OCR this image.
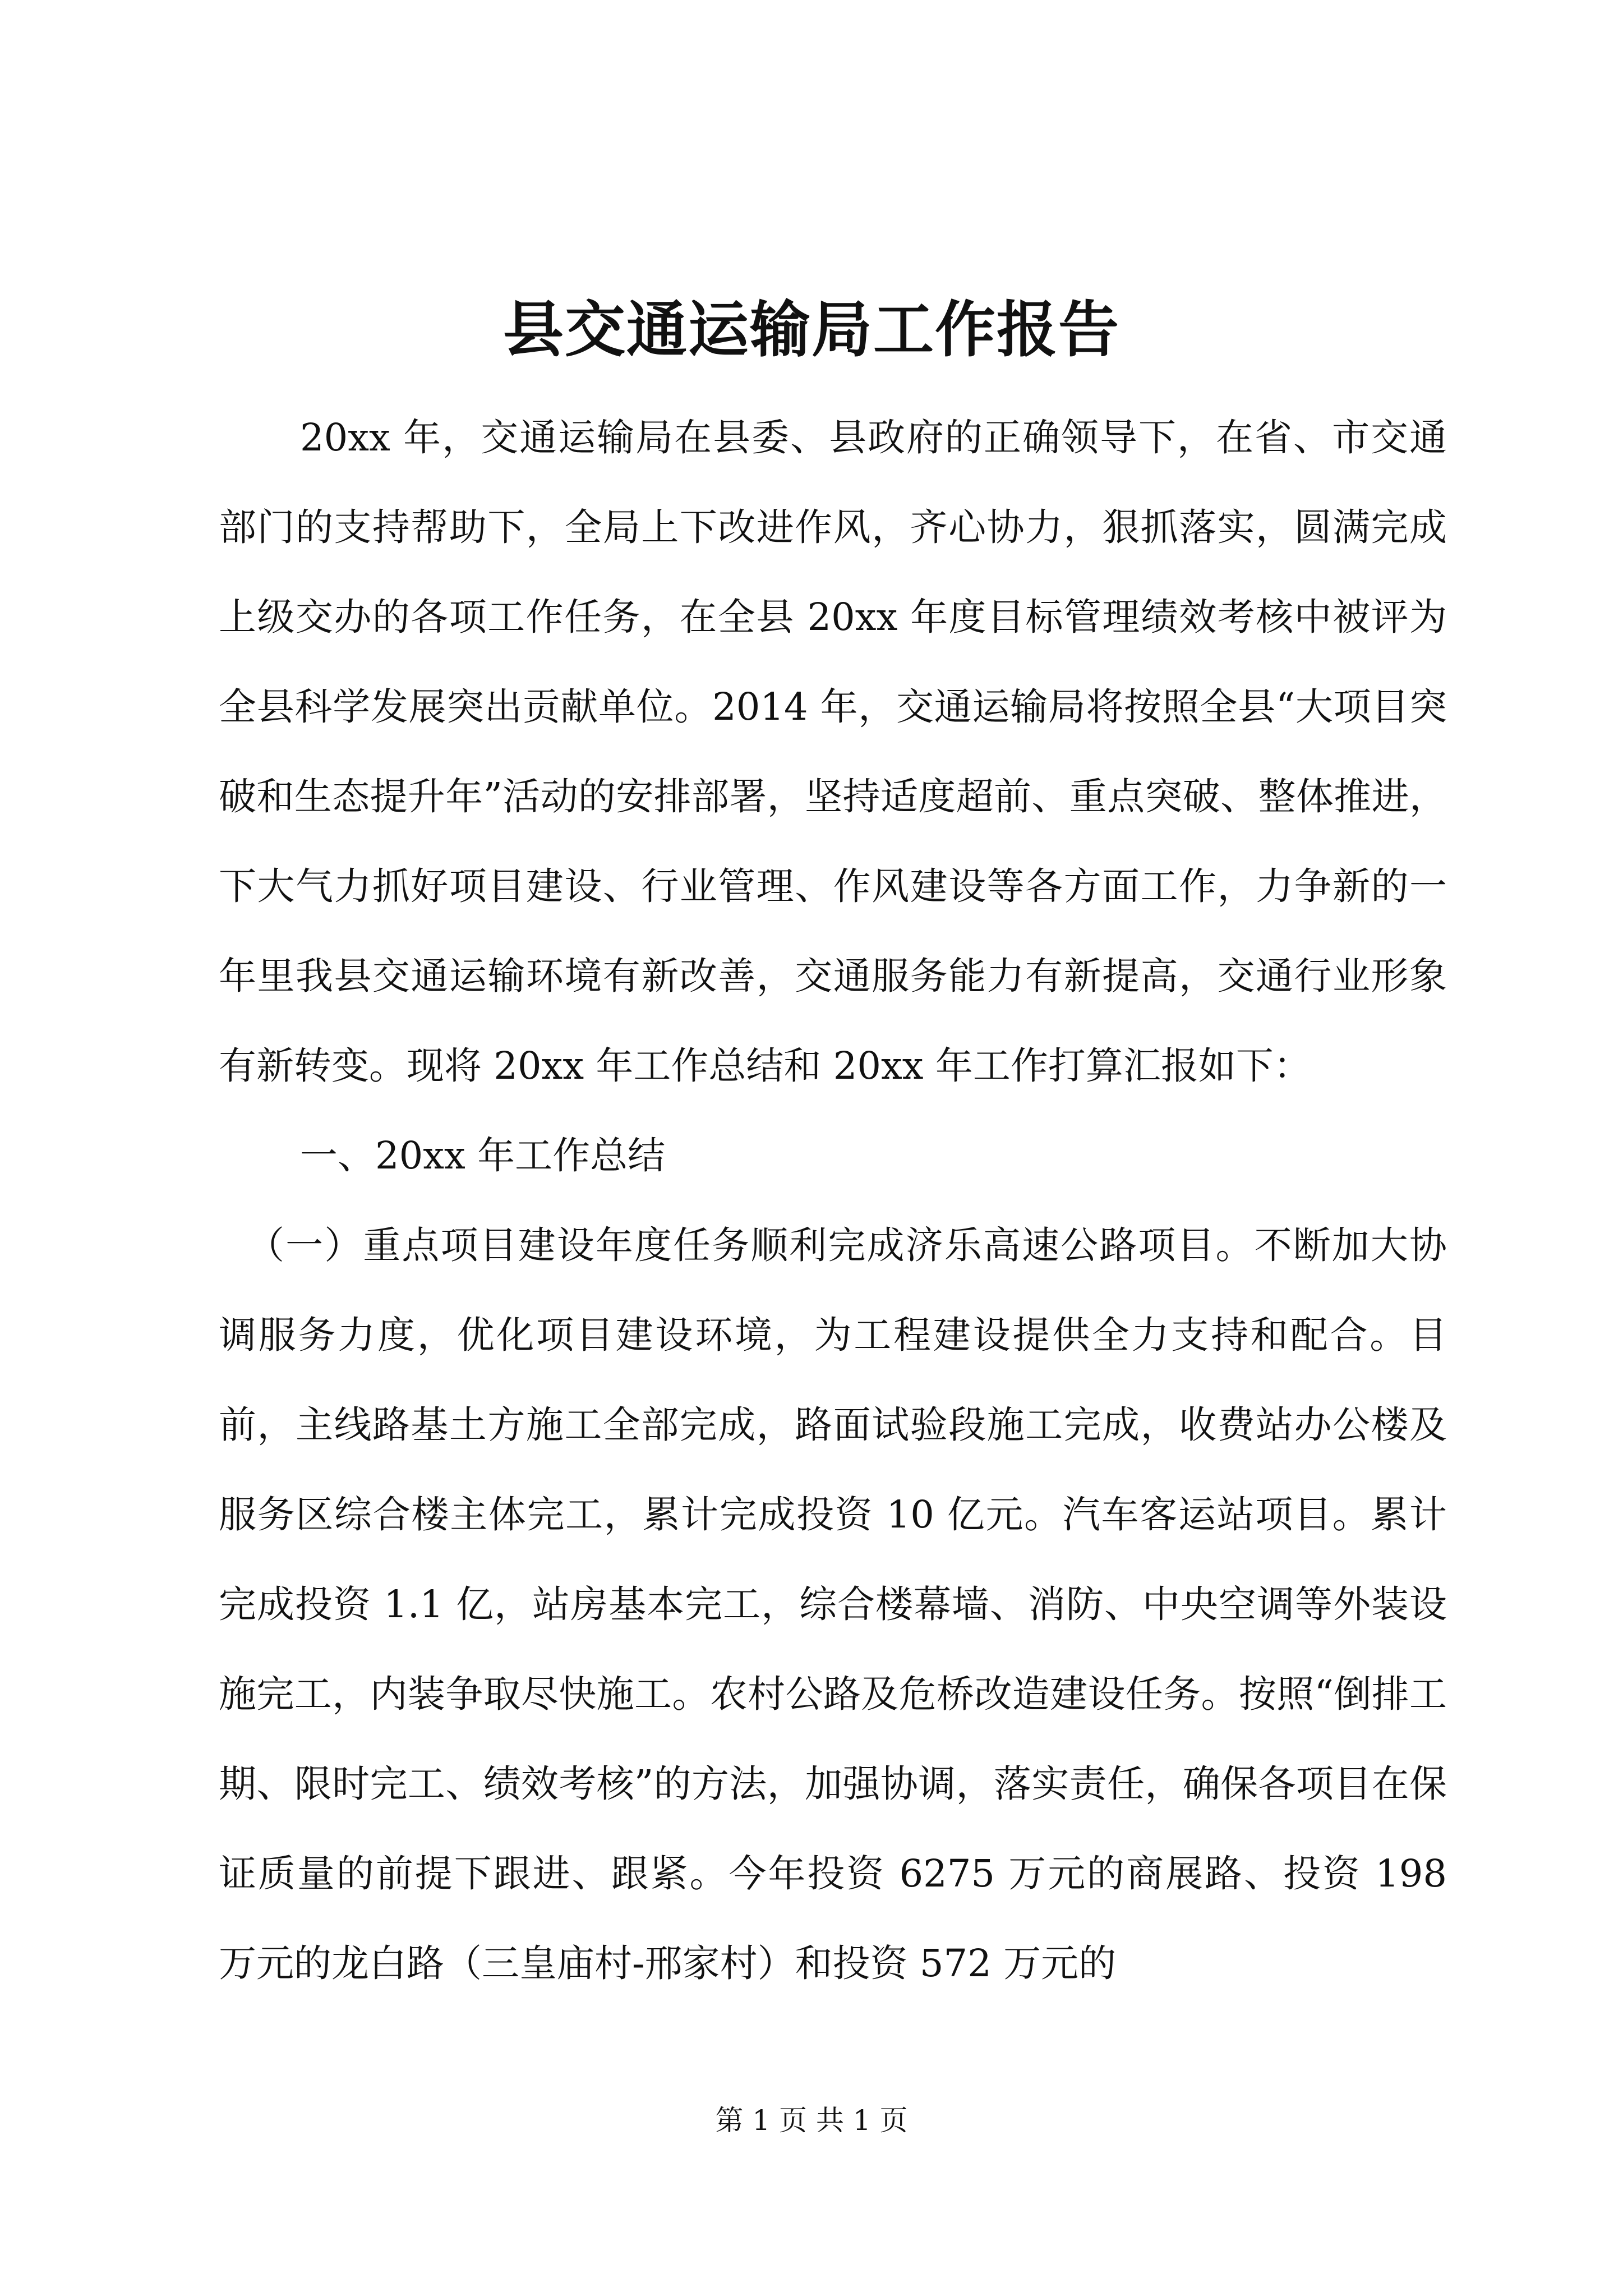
县交通运输局工作报告

20xx 年，交通运输局在县委、县政府的正确领导下，在省、市交通部门的支持帮助下，全局上下改进作风，齐心协力，狠抓落实，圆满完成上级交办的各项工作任务，在全县 20xx 年度目标管理绩效考核中被评为全县科学发展突出贡献单位。2014 年，交通运输局将按照全县“大项目突破和生态提升年”活动的安排部署，坚持适度超前、重点突破、整体推进，下大气力抓好项目建设、行业管理、作风建设等各方面工作，力争新的一年里我县交通运输环境有新改善，交通服务能力有新提高，交通行业形象有新转变。现将 20xx 年工作总结和 20xx 年工作打算汇报如下：

一、20xx 年工作总结

（一）重点项目建设年度任务顺利完成济乐高速公路项目。不断加大协调服务力度，优化项目建设环境，为工程建设提供全力支持和配合。目前，主线路基土方施工全部完成，路面试验段施工完成，收费站办公楼及服务区综合楼主体完工，累计完成投资 10 亿元。汽车客运站项目。累计完成投资 1.1 亿，站房基本完工，综合楼幕墙、消防、中央空调等外装设施完工，内装争取尽快施工。农村公路及危桥改造建设任务。按照“倒排工期、限时完工、绩效考核”的方法，加强协调，落实责任，确保各项目在保证质量的前提下跟进、跟紧。今年投资 6275 万元的商展路、投资 198 万元的龙白路（三皇庙村-邢家村）和投资 572 万元的

第 1 页 共 1 页
